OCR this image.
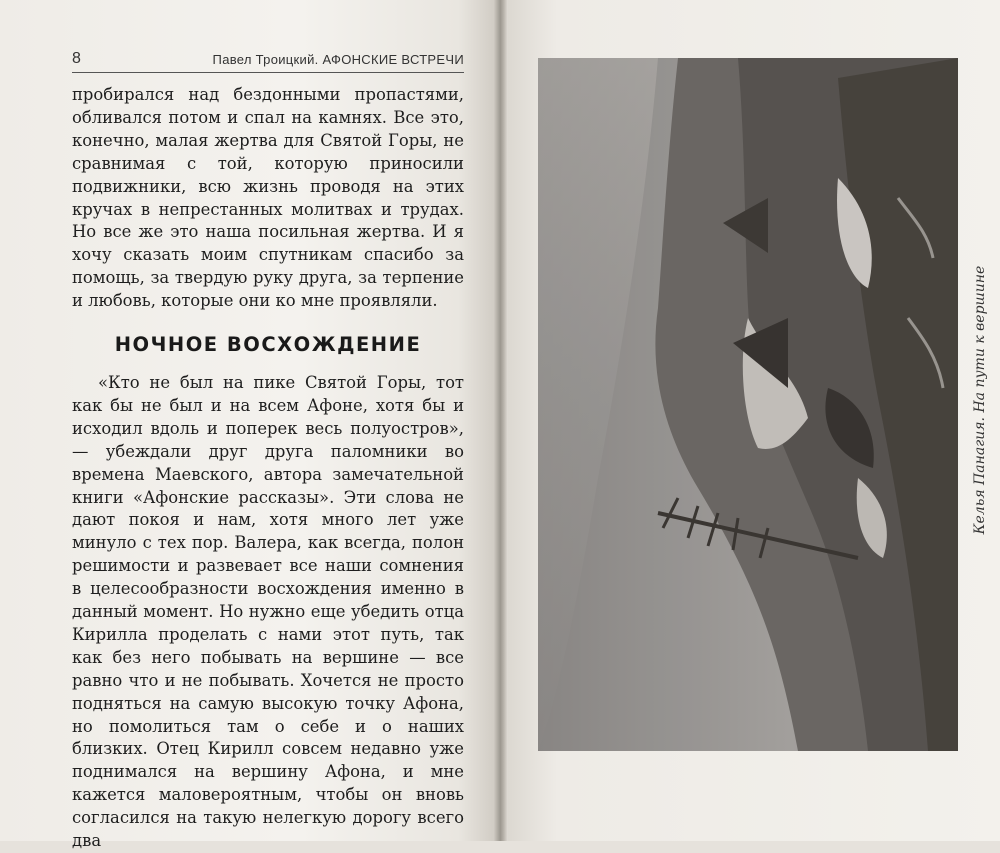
8	Павел Троицкий. АФОНСКИЕ ВСТРЕЧИ

пробирался над бездонными пропастями, обливался потом и спал на камнях. Все это, конечно, малая жертва для Святой Горы, не сравнимая с той, которую приносили подвижники, всю жизнь проводя на этих кручах в непрестанных молитвах и трудах. Но все же это наша посильная жертва. И я хочу сказать моим спутникам спасибо за помощь, за твердую руку друга, за терпение и любовь, которые они ко мне проявляли.

НОЧНОЕ ВОСХОЖДЕНИЕ

«Кто не был на пике Святой Горы, тот как бы не был и на всем Афоне, хотя бы и исходил вдоль и поперек весь полуостров», — убеждали друг друга паломники во времена Маевского, автора замечательной книги «Афонские рассказы». Эти слова не дают покоя и нам, хотя много лет уже минуло с тех пор. Валера, как всегда, полон решимости и развевает все наши сомнения в целесообразности восхождения именно в данный момент. Но нужно еще убедить отца Кирилла проделать с нами этот путь, так как без него побывать на вершине — все равно что и не побывать. Хочется не просто подняться на самую высокую точку Афона, но помолиться там о себе и о наших близких. Отец Кирилл совсем недавно уже поднимался на вершину Афона, и мне кажется маловероятным, чтобы он вновь согласился на такую нелегкую дорогу всего два

Келья Панагия. На пути к вершине
